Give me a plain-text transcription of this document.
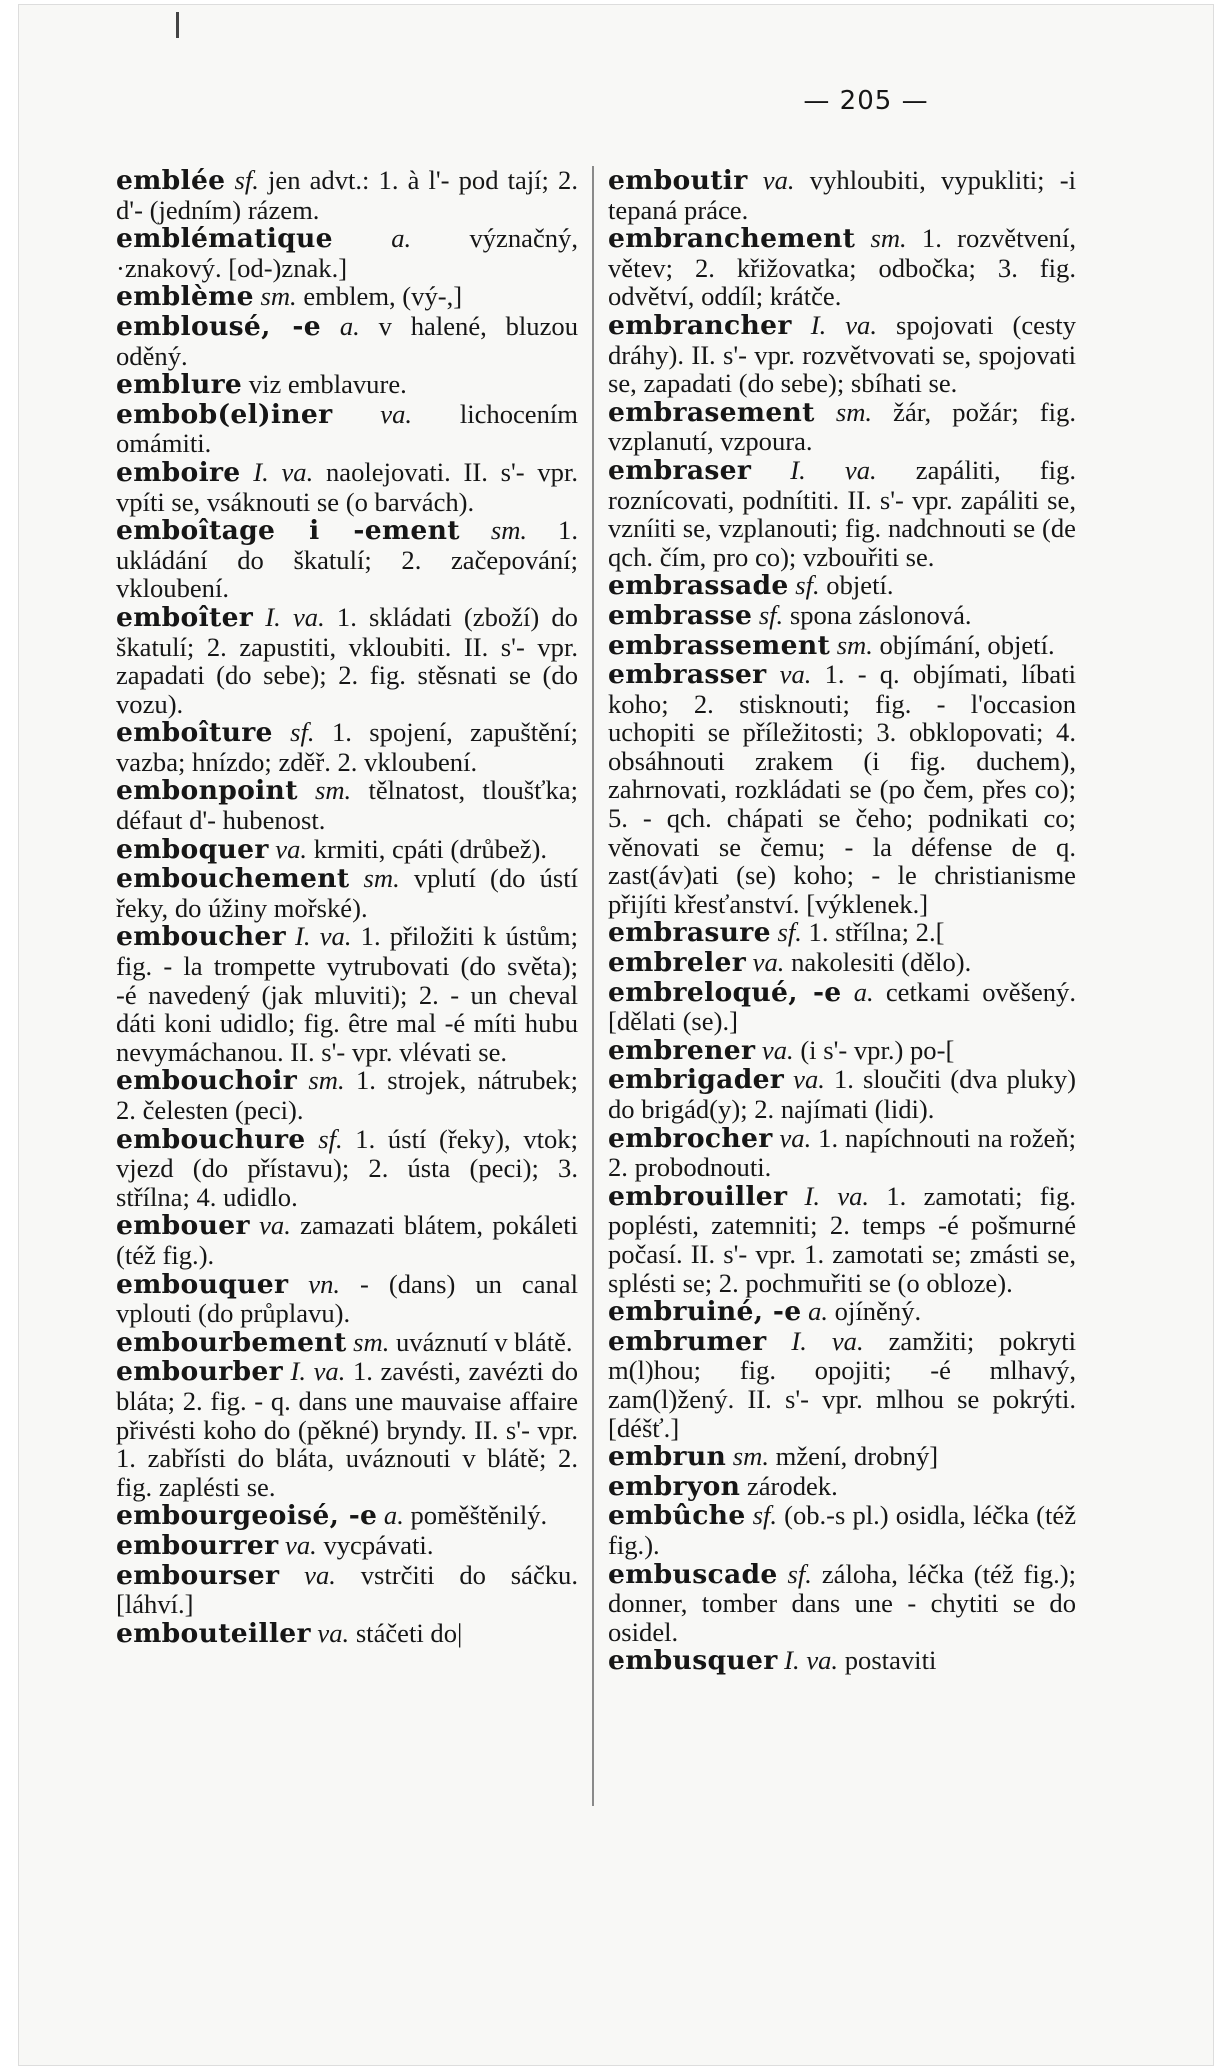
— 205 —

emblée sf. jen advt.: 1. à l'- pod tají; 2. d'- (jedním) rázem.

emblématique a. význačný, ·znakový. [od-)znak.]

emblème sm. emblem, (vý-,]

emblousé, -e a. v halené, bluzou oděný.

emblure viz emblavure.

embob(el)iner va. lichocením omámiti.

emboire I. va. naolejovati. II. s'- vpr. vpíti se, vsáknouti se (o barvách).

emboîtage i -ement sm. 1. ukládání do škatulí; 2. začepování; vkloubení.

emboîter I. va. 1. skládati (zboží) do škatulí; 2. zapustiti, vkloubiti. II. s'- vpr. zapadati (do sebe); 2. fig. stěsnati se (do vozu).

emboîture sf. 1. spojení, zapuštění; vazba; hnízdo; zděř. 2. vkloubení.

embonpoint sm. tělnatost, tloušťka; défaut d'- hubenost.

emboquer va. krmiti, cpáti (drůbež).

embouchement sm. vplutí (do ústí řeky, do úžiny mořské).

emboucher I. va. 1. přiložiti k ústům; fig. - la trompette vytrubovati (do světa); -é navedený (jak mluviti); 2. - un cheval dáti koni udidlo; fig. être mal -é míti hubu nevymáchanou. II. s'- vpr. vlévati se.

embouchoir sm. 1. strojek, nátrubek; 2. čelesten (peci).

embouchure sf. 1. ústí (řeky), vtok; vjezd (do přístavu); 2. ústa (peci); 3. střílna; 4. udidlo.

embouer va. zamazati blátem, pokáleti (též fig.).

embouquer vn. - (dans) un canal vplouti (do průplavu).

embourbement sm. uváznutí v blátě.

embourber I. va. 1. zavésti, zavézti do bláta; 2. fig. - q. dans une mauvaise affaire přivésti koho do (pěkné) bryndy. II. s'- vpr. 1. zabřísti do bláta, uváznouti v blátě; 2. fig. zaplésti se.

embourgeoisé, -e a. poměštěnilý.

embourrer va. vycpávati.

embourser va. vstrčiti do sáčku. [láhví.]

embouteiller va. stáčeti do|

emboutir va. vyhloubiti, vypukliti; -i tepaná práce.

embranchement sm. 1. rozvětvení, větev; 2. křižovatka; odbočka; 3. fig. odvětví, oddíl; krátče.

embrancher I. va. spojovati (cesty dráhy). II. s'- vpr. rozvětvovati se, spojovati se, zapadati (do sebe); sbíhati se.

embrasement sm. žár, požár; fig. vzplanutí, vzpoura.

embraser I. va. zapáliti, fig. roznícovati, podnítiti. II. s'- vpr. zapáliti se, vzníiti se, vzplanouti; fig. nadchnouti se (de qch. čím, pro co); vzbouřiti se.

embrassade sf. objetí.

embrasse sf. spona záslonová.

embrassement sm. objímání, objetí.

embrasser va. 1. - q. objímati, líbati koho; 2. stisknouti; fig. - l'occasion uchopiti se příležitosti; 3. obklopovati; 4. obsáhnouti zrakem (i fig. duchem), zahrnovati, rozkládati se (po čem, přes co); 5. - qch. chápati se čeho; podnikati co; věnovati se čemu; - la défense de q. zast(áv)ati (se) koho; - le christianisme přijíti křesťanství. [výklenek.]

embrasure sf. 1. střílna; 2.[

embreler va. nakolesiti (dělo).

embreloqué, -e a. cetkami ověšený. [dělati (se).]

embrener va. (i s'- vpr.) po-[

embrigader va. 1. sloučiti (dva pluky) do brigád(y); 2. najímati (lidi).

embrocher va. 1. napíchnouti na rožeň; 2. probodnouti.

embrouiller I. va. 1. zamotati; fig. poplésti, zatemniti; 2. temps -é pošmurné počasí. II. s'- vpr. 1. zamotati se; zmásti se, splésti se; 2. pochmuřiti se (o obloze).

embruiné, -e a. ojíněný.

embrumer I. va. zamžiti; pokryti m(l)hou; fig. opojiti; -é mlhavý, zam(l)žený. II. s'- vpr. mlhou se pokrýti. [déšť.]

embrun sm. mžení, drobný]

embryon zárodek.

embûche sf. (ob.-s pl.) osidla, léčka (též fig.).

embuscade sf. záloha, léčka (též fig.); donner, tomber dans une - chytiti se do osidel.

embusquer I. va. postaviti
